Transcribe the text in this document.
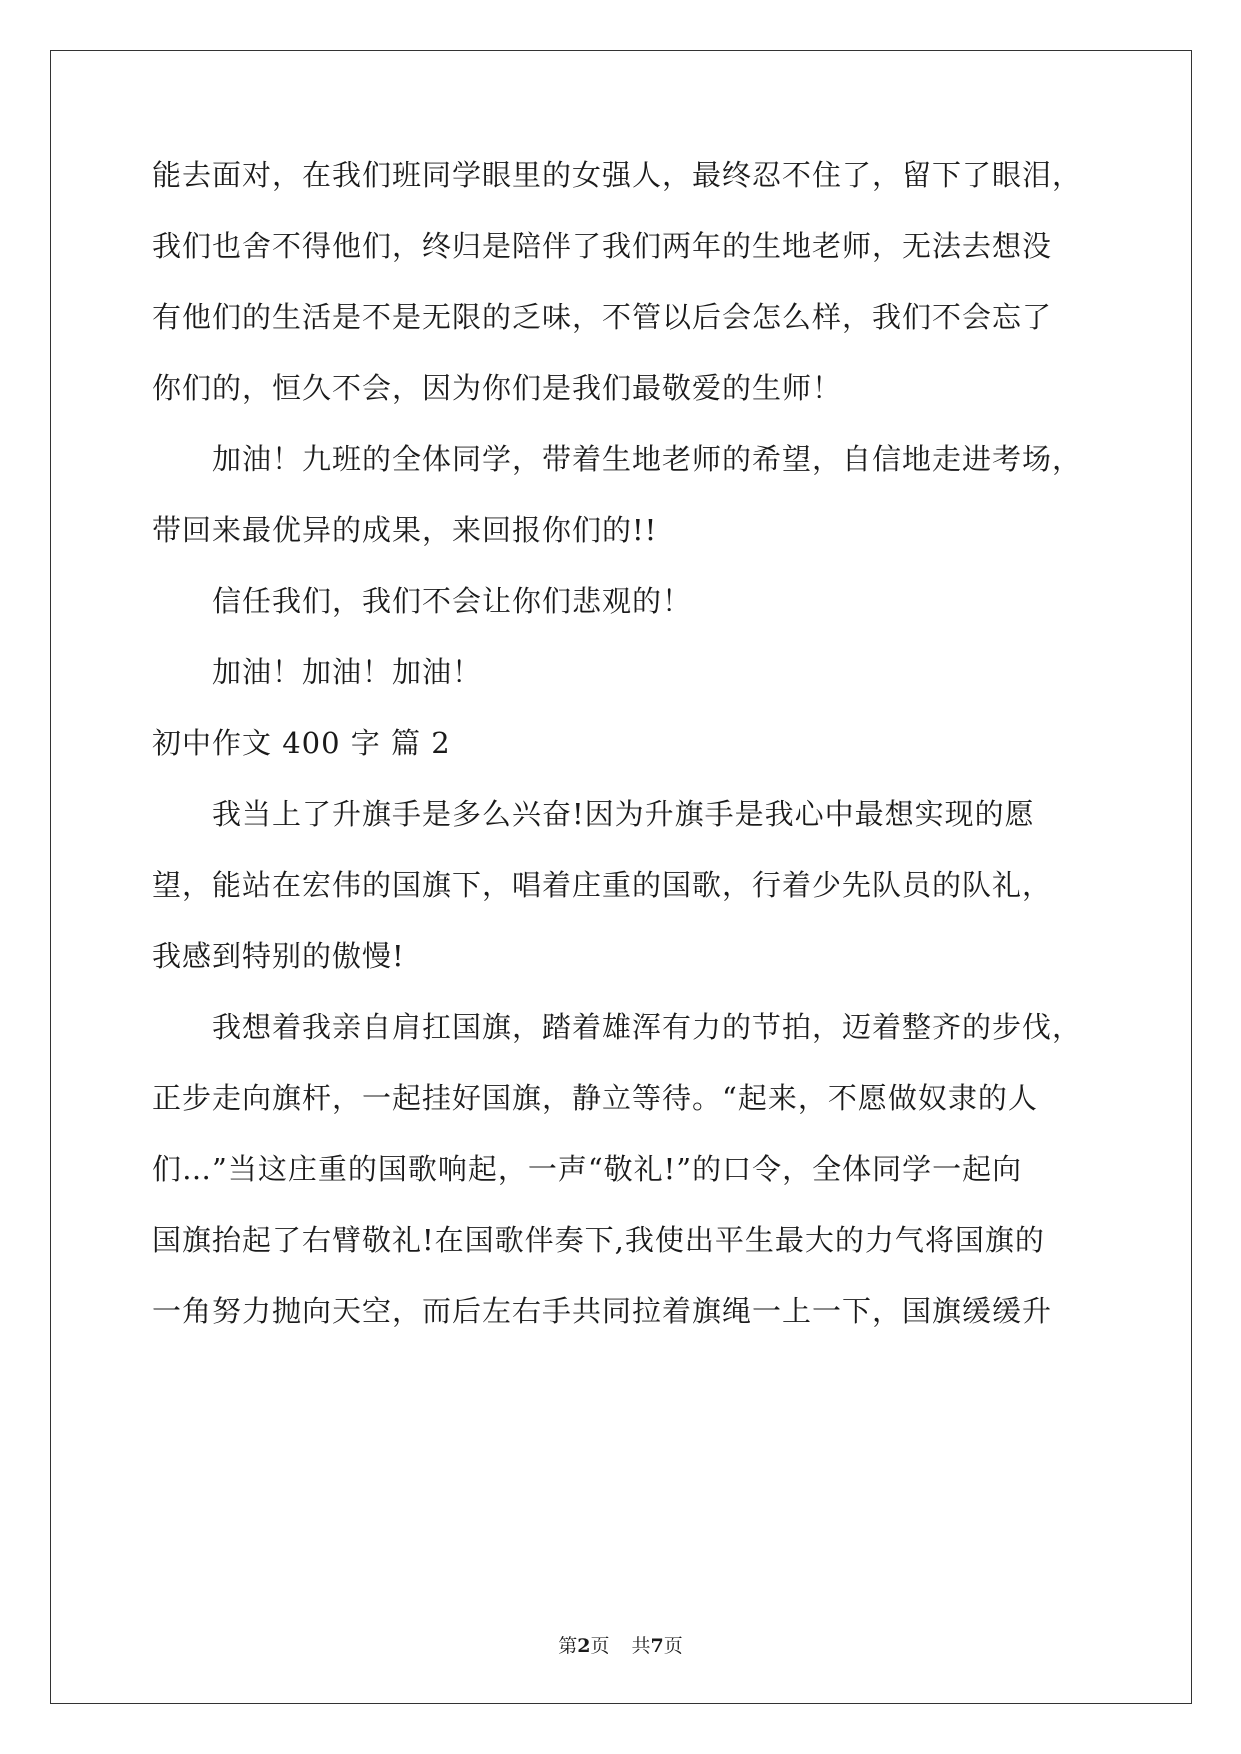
能去面对，在我们班同学眼里的女强人，最终忍不住了，留下了眼泪，
我们也舍不得他们，终归是陪伴了我们两年的生地老师，无法去想没
有他们的生活是不是无限的乏味，不管以后会怎么样，我们不会忘了
你们的，恒久不会，因为你们是我们最敬爱的生师！
加油！九班的全体同学，带着生地老师的希望，自信地走进考场，
带回来最优异的成果，来回报你们的!!
信任我们，我们不会让你们悲观的！
加油！加油！加油！
初中作文 400 字 篇 2
我当上了升旗手是多么兴奋!因为升旗手是我心中最想实现的愿
望，能站在宏伟的国旗下，唱着庄重的国歌，行着少先队员的队礼，
我感到特别的傲慢!
我想着我亲自肩扛国旗，踏着雄浑有力的节拍，迈着整齐的步伐，
正步走向旗杆，一起挂好国旗，静立等待。“起来，不愿做奴隶的人
们…”当这庄重的国歌响起，一声“敬礼!”的口令，全体同学一起向
国旗抬起了右臂敬礼!在国歌伴奏下,我使出平生最大的力气将国旗的
一角努力抛向天空，而后左右手共同拉着旗绳一上一下，国旗缓缓升
第2页 共7页
